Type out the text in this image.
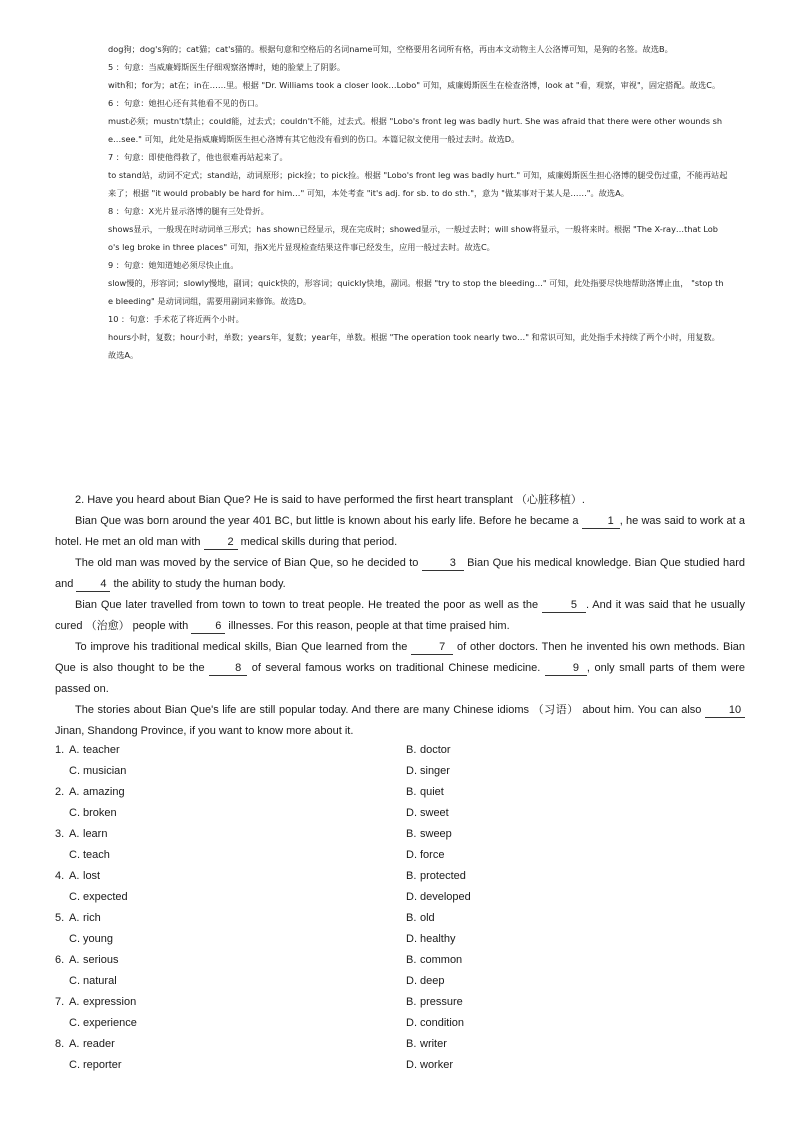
dog狗；dog's狗的；cat猫；cat's猫的。根据句意和空格后的名词name可知，空格要用名词所有格，再由本文动物主人公洛博可知，是狗的名签。故选B。

5 ：句意：当威廉姆斯医生仔细观察洛博时，她的脸蒙上了阴影。

with和；for为；at在；in在……里。根据 "Dr. Williams took a closer look…Lobo" 可知，威廉姆斯医生在检查洛博，look at "看，观察，审视"，固定搭配。故选C。

6 ：句意：她担心还有其他看不见的伤口。

must必须；mustn't禁止；could能，过去式；couldn't不能，过去式。根据 "Lobo's front leg was badly hurt. She was afraid that there were other wounds she…see." 可知，此处是指威廉姆斯医生担心洛博有其它他没有看到的伤口。本篇记叙文使用一般过去时。故选D。

7 ：句意：即使他得救了，他也很难再站起来了。

to stand站，动词不定式；stand站，动词原形；pick捡；to pick捡。根据 "Lobo's front leg was badly hurt." 可知，威廉姆斯医生担心洛博的腿受伤过重，不能再站起来了；根据 "it would probably be hard for him…" 可知，本处考查 "it's adj. for sb. to do sth."，意为 "做某事对于某人是……"。故选A。

8 ：句意：X光片显示洛博的腿有三处骨折。

shows显示，一般现在时动词单三形式；has shown已经显示，现在完成时；showed显示，一般过去时；will show将显示，一般将来时。根据 "The X-ray…that Lobo's leg broke in three places" 可知，指X光片显现检查结果这件事已经发生，应用一般过去时。故选C。

9 ：句意：她知道她必须尽快止血。

slow慢的，形容词；slowly慢地，副词；quick快的，形容词；quickly快地，副词。根据 "try to stop the bleeding…" 可知，此处指要尽快地帮助洛博止血， "stop the bleeding" 是动词词组，需要用副词来修饰。故选D。

10 ：句意：手术花了将近两个小时。

hours小时，复数；hour小时，单数；years年，复数；year年，单数。根据 "The operation took nearly two…" 和常识可知，此处指手术持续了两个小时，用复数。故选A。

2. Have you heard about Bian Que? He is said to have performed the first heart transplant （心脏移植）.

Bian Que was born around the year 401 BC, but little is known about his early life. Before he became a 1 , he was said to work at a hotel. He met an old man with 2 medical skills during that period.

The old man was moved by the service of Bian Que, so he decided to	3 Bian Que his medical knowledge. Bian Que studied hard and 4 the ability to study the human body.

Bian Que later travelled from town to town to treat people. He treated the poor as well as the	5 . And it was said that he usually cured （治愈） people with 6 illnesses. For this reason, people at that time praised him.

To improve his traditional medical skills, Bian Que learned from the	7 of other doctors. Then he invented his own methods. Bian Que is also thought to be the 8 of several famous works on traditional Chinese medicine.	9 , only small parts of them were passed on.

The stories about Bian Que's life are still popular today. And there are many Chinese idioms （习语） about him. You can also 10 Jinan, Shandong Province, if you want to know more about it.

1. A. teacher	B. doctor
C. musician	D. singer
2. A. amazing	B. quiet
C. broken	D. sweet
3. A. learn	B. sweep
C. teach	D. force
4. A. lost	B. protected
C. expected	D. developed
5. A. rich	B. old
C. young	D. healthy
6. A. serious	B. common
C. natural	D. deep
7. A. expression	B. pressure
C. experience	D. condition
8. A. reader	B. writer
C. reporter	D. worker
